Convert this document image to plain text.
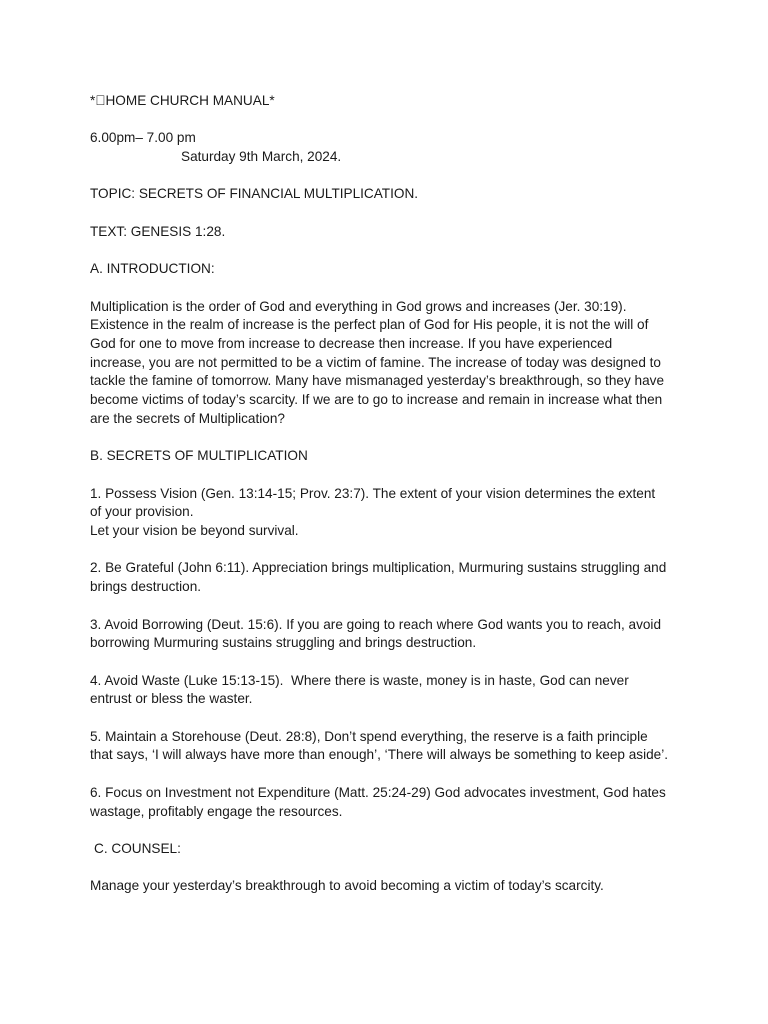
*􏰀HOME CHURCH MANUAL*

6.00pm– 7.00 pm

Saturday 9th March, 2024.

TOPIC: SECRETS OF FINANCIAL MULTIPLICATION.

TEXT: GENESIS 1:28.

A. INTRODUCTION:

Multiplication is the order of God and everything in God grows and increases (Jer. 30:19).

Existence in the realm of increase is the perfect plan of God for His people, it is not the will of

God for one to move from increase to decrease then increase. If you have experienced

increase, you are not permitted to be a victim of famine. The increase of today was designed to

tackle the famine of tomorrow. Many have mismanaged yesterday’s breakthrough, so they have

become victims of today’s scarcity. If we are to go to increase and remain in increase what then

are the secrets of Multiplication?

B. SECRETS OF MULTIPLICATION

1. Possess Vision (Gen. 13:14-15; Prov. 23:7). The extent of your vision determines the extent

of your provision.

Let your vision be beyond survival.

2. Be Grateful (John 6:11). Appreciation brings multiplication, Murmuring sustains struggling and

brings destruction.

3. Avoid Borrowing (Deut. 15:6). If you are going to reach where God wants you to reach, avoid

borrowing Murmuring sustains struggling and brings destruction.

4. Avoid Waste (Luke 15:13-15).  Where there is waste, money is in haste, God can never

entrust or bless the waster.

5. Maintain a Storehouse (Deut. 28:8), Don’t spend everything, the reserve is a faith principle

that says, ‘I will always have more than enough’, ‘There will always be something to keep aside’.

6. Focus on Investment not Expenditure (Matt. 25:24-29) God advocates investment, God hates

wastage, profitably engage the resources.

C. COUNSEL:

Manage your yesterday’s breakthrough to avoid becoming a victim of today’s scarcity.
